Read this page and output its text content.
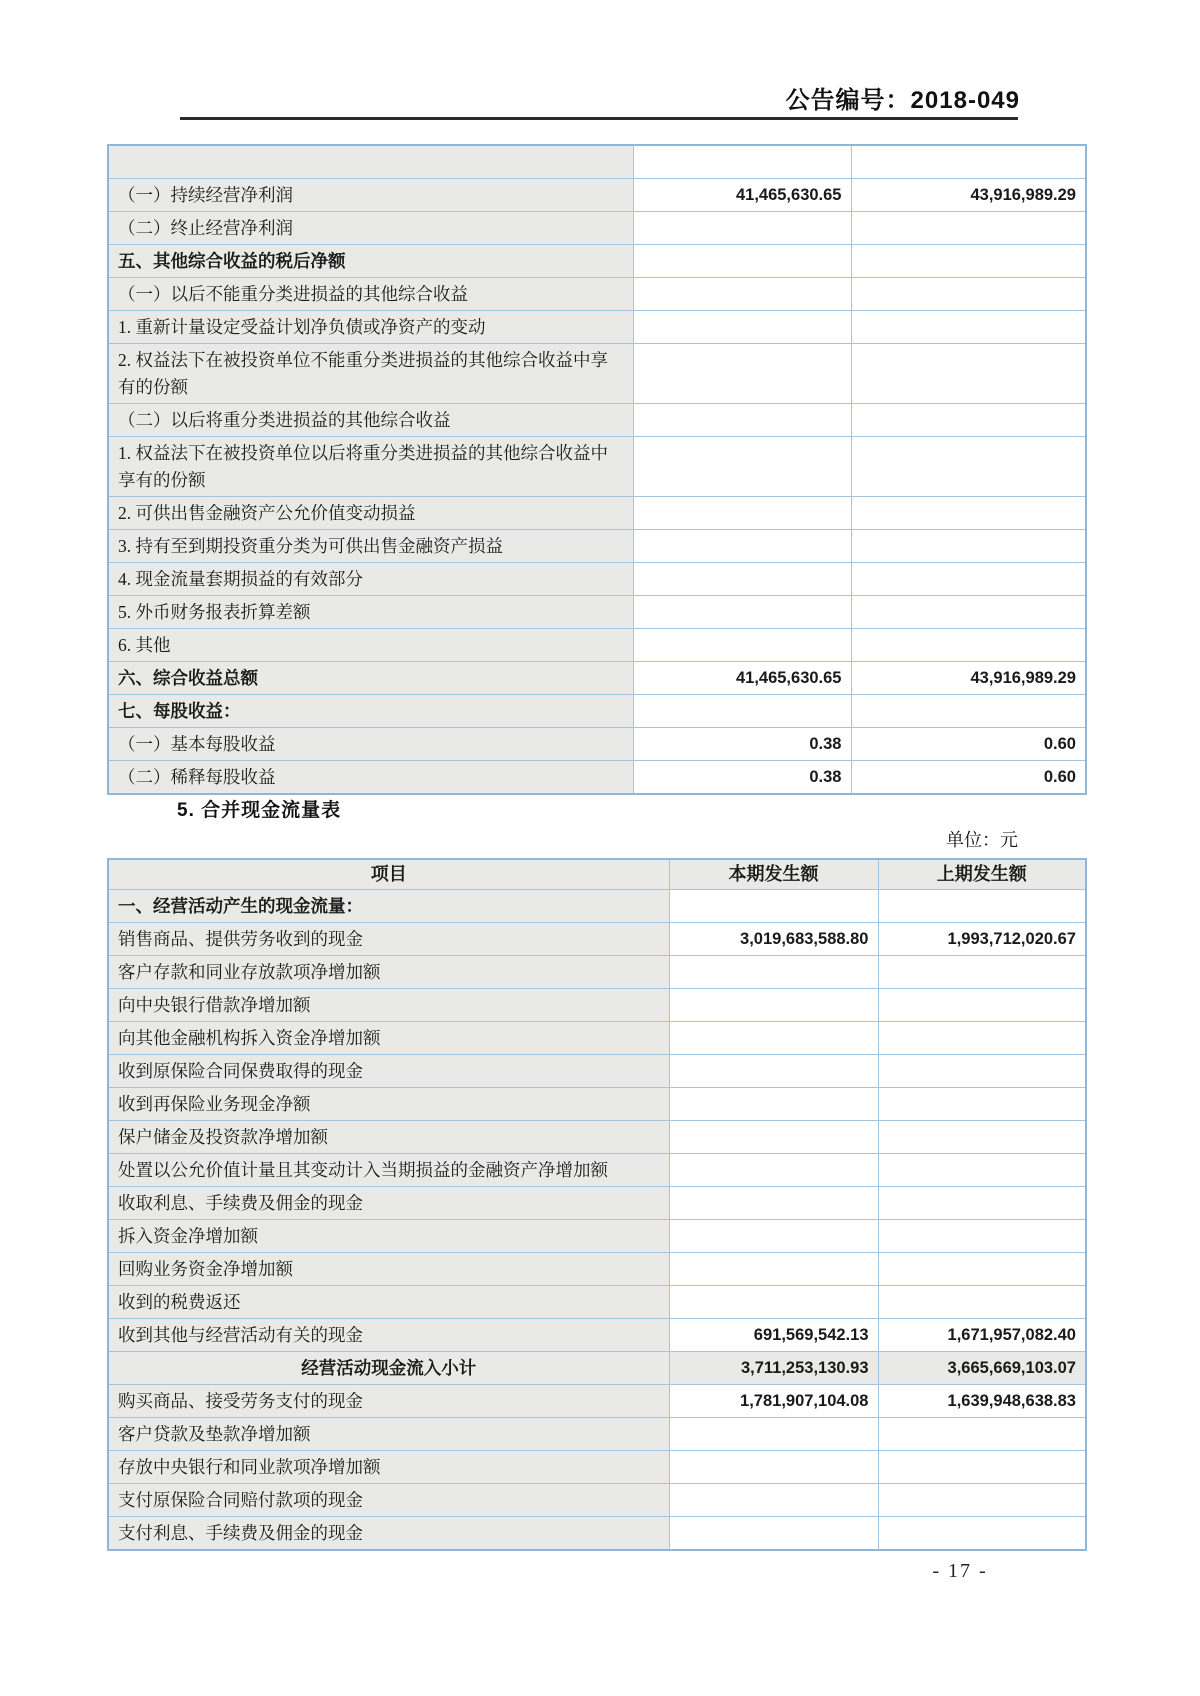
公告编号：2018-049

（一）持续经营净利润	41,465,630.65	43,916,989.29
（二）终止经营净利润		
五、其他综合收益的税后净额		
（一）以后不能重分类进损益的其他综合收益		
1. 重新计量设定受益计划净负债或净资产的变动		
2. 权益法下在被投资单位不能重分类进损益的其他综合收益中享有的份额		
（二）以后将重分类进损益的其他综合收益		
1. 权益法下在被投资单位以后将重分类进损益的其他综合收益中享有的份额		
2. 可供出售金融资产公允价值变动损益		
3. 持有至到期投资重分类为可供出售金融资产损益		
4. 现金流量套期损益的有效部分		
5. 外币财务报表折算差额		
6. 其他		
六、综合收益总额	41,465,630.65	43,916,989.29
七、每股收益：		
（一）基本每股收益	0.38	0.60
（二）稀释每股收益	0.38	0.60
5. 合并现金流量表
单位：元
项目	本期发生额	上期发生额
一、经营活动产生的现金流量：		
销售商品、提供劳务收到的现金	3,019,683,588.80	1,993,712,020.67
客户存款和同业存放款项净增加额		
向中央银行借款净增加额		
向其他金融机构拆入资金净增加额		
收到原保险合同保费取得的现金		
收到再保险业务现金净额		
保户储金及投资款净增加额		
处置以公允价值计量且其变动计入当期损益的金融资产净增加额		
收取利息、手续费及佣金的现金		
拆入资金净增加额		
回购业务资金净增加额		
收到的税费返还		
收到其他与经营活动有关的现金	691,569,542.13	1,671,957,082.40
经营活动现金流入小计	3,711,253,130.93	3,665,669,103.07
购买商品、接受劳务支付的现金	1,781,907,104.08	1,639,948,638.83
客户贷款及垫款净增加额		
存放中央银行和同业款项净增加额		
支付原保险合同赔付款项的现金		
支付利息、手续费及佣金的现金		
- 17 -
